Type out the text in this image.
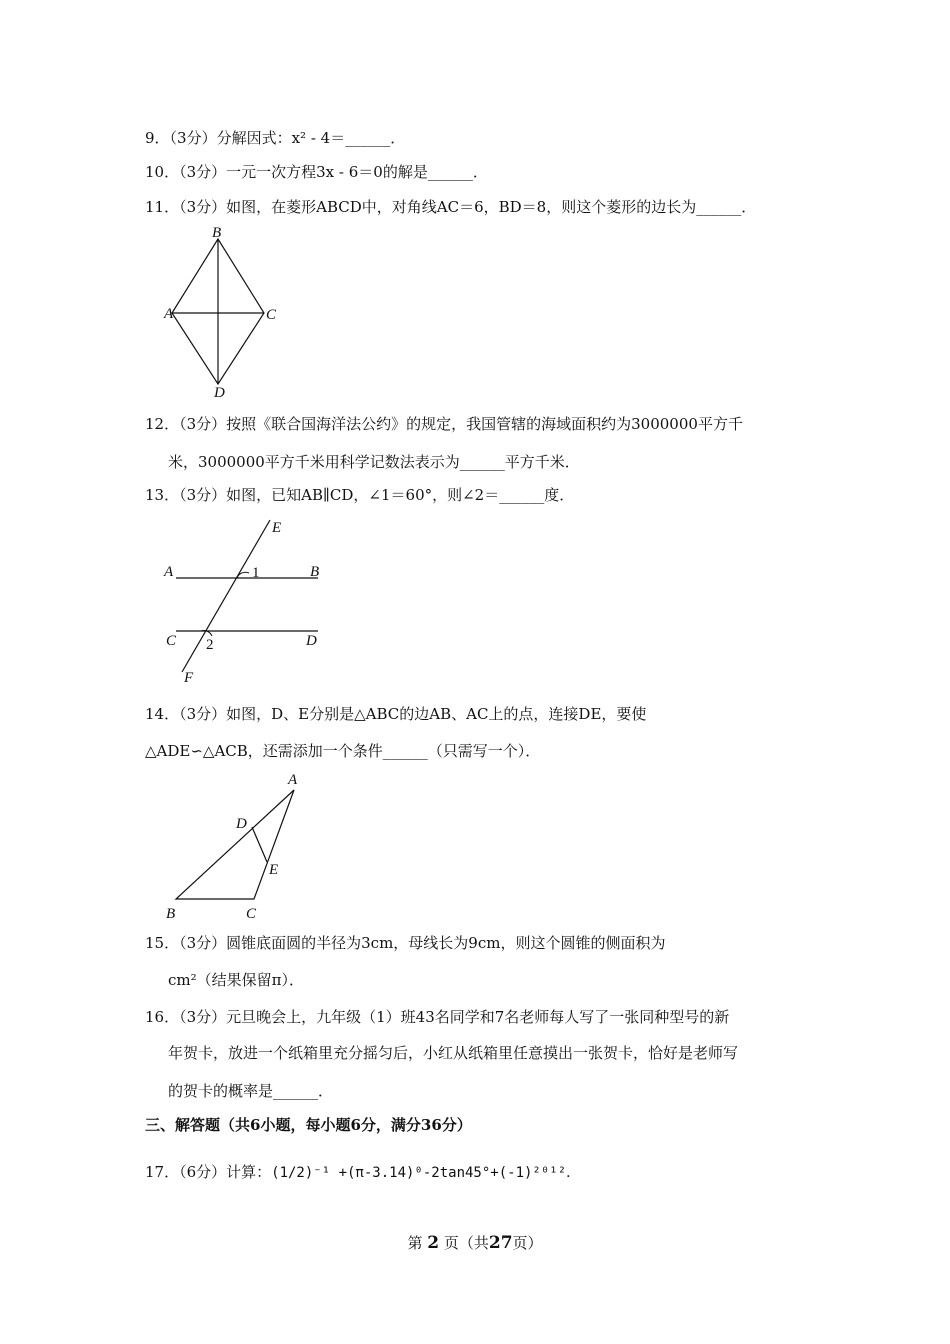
9．（3分）分解因式：x² - 4＝______．
10．（3分）一元一次方程3x - 6＝0的解是______．
11．（3分）如图，在菱形ABCD中，对角线AC＝6，BD＝8，则这个菱形的边长为______．
B
A	C
D
12．（3分）按照《联合国海洋法公约》的规定，我国管辖的海域面积约为3000000平方千
米，3000000平方千米用科学记数法表示为______平方千米．
13．（3分）如图，已知AB∥CD，∠1＝60°，则∠2＝______度．
E
A	1	B
C 2	D
F
14．（3分）如图，D、E分别是△ABC的边AB、AC上的点，连接DE，要使
△ADE∽△ACB，还需添加一个条件______（只需写一个）．
A
D
E
B	C
15．（3分）圆锥底面圆的半径为3cm，母线长为9cm，则这个圆锥的侧面积为
cm²（结果保留π）．
16．（3分）元旦晚会上，九年级（1）班43名同学和7名老师每人写了一张同种型号的新
年贺卡，放进一个纸箱里充分摇匀后，小红从纸箱里任意摸出一张贺卡，恰好是老师写
的贺卡的概率是______．
三、解答题（共6小题，每小题6分，满分36分）
17．（6分）计算：(1/2)⁻¹ +(π-3.14)⁰-2tan45°+(-1)²⁰¹²．
第 2 页（共27页）
